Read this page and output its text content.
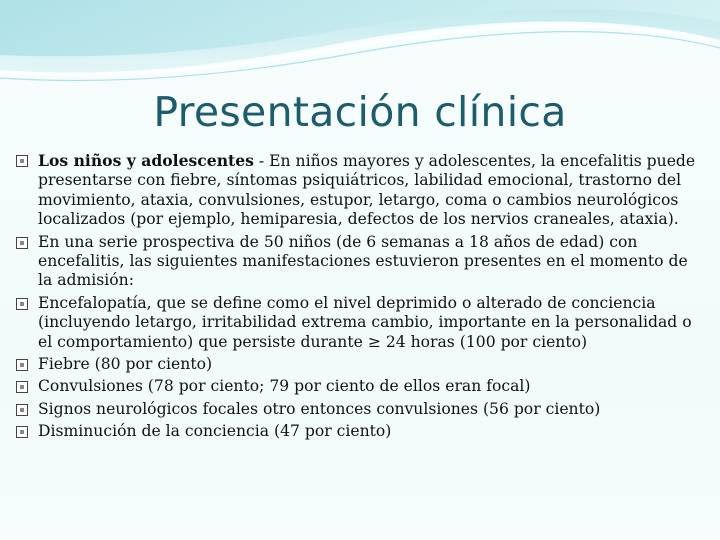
Presentación clínica
Los niños y adolescentes - En niños mayores y adolescentes, la encefalitis puede presentarse con fiebre, síntomas psiquiátricos, labilidad emocional, trastorno del movimiento, ataxia, convulsiones, estupor, letargo, coma o cambios neurológicos localizados (por ejemplo, hemiparesia, defectos de los nervios craneales, ataxia).
En una serie prospectiva de 50 niños (de 6 semanas a 18 años de edad) con encefalitis, las siguientes manifestaciones estuvieron presentes en el momento de la admisión:
Encefalopatía, que se define como el nivel deprimido o alterado de conciencia (incluyendo letargo, irritabilidad extrema cambio, importante en la personalidad o el comportamiento) que persiste durante ≥ 24 horas (100 por ciento)
Fiebre (80 por ciento)
Convulsiones (78 por ciento; 79 por ciento de ellos eran focal)
Signos neurológicos focales otro entonces convulsiones (56 por ciento)
Disminución de la conciencia (47 por ciento)
